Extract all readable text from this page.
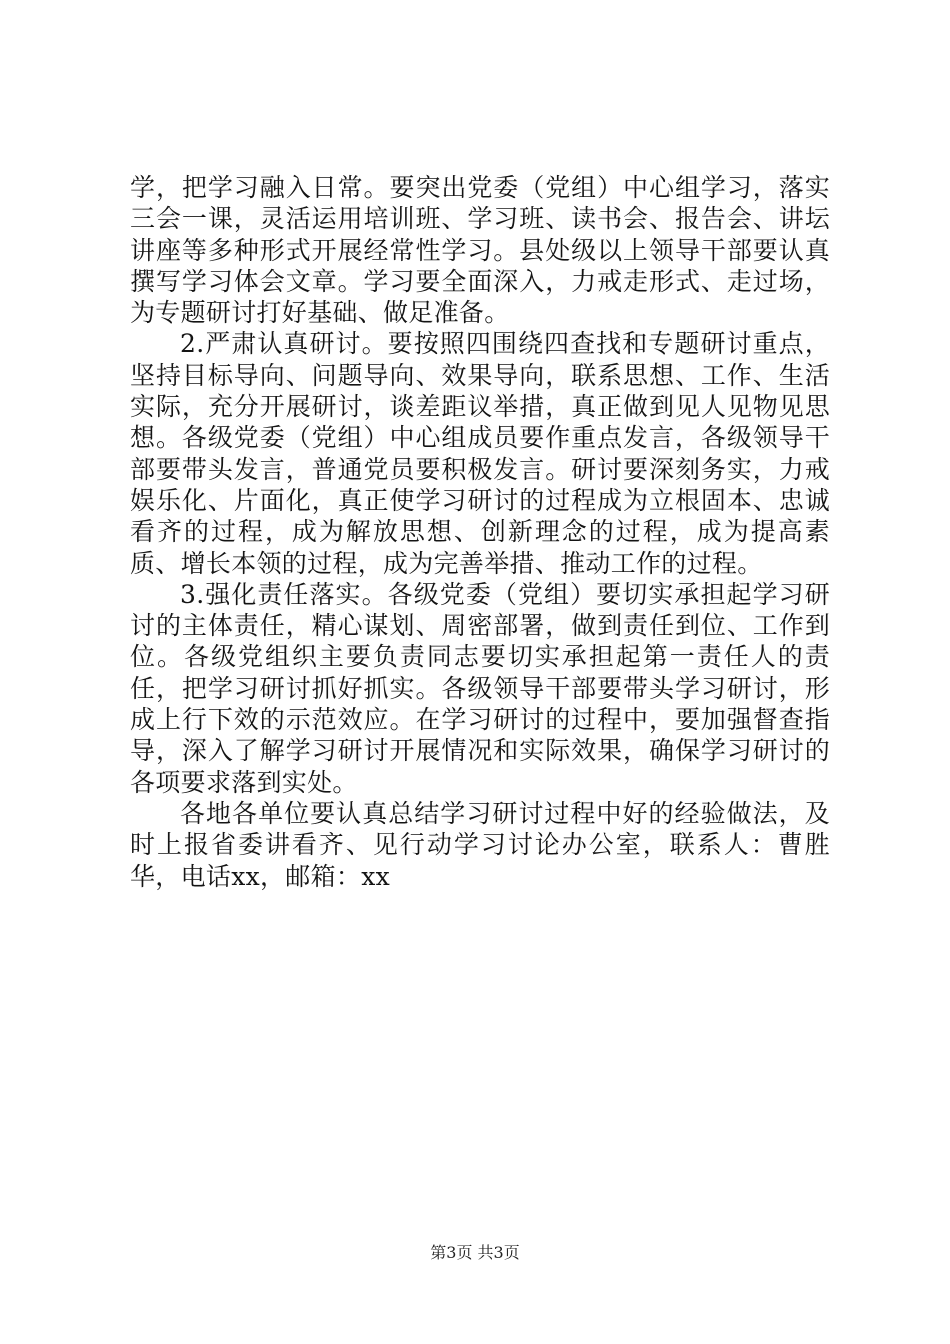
学，把学习融入日常。要突出党委（党组）中心组学习，落实三会一课，灵活运用培训班、学习班、读书会、报告会、讲坛讲座等多种形式开展经常性学习。县处级以上领导干部要认真撰写学习体会文章。学习要全面深入，力戒走形式、走过场，为专题研讨打好基础、做足准备。

2.严肃认真研讨。要按照四围绕四查找和专题研讨重点，坚持目标导向、问题导向、效果导向，联系思想、工作、生活实际，充分开展研讨，谈差距议举措，真正做到见人见物见思想。各级党委（党组）中心组成员要作重点发言，各级领导干部要带头发言，普通党员要积极发言。研讨要深刻务实，力戒娱乐化、片面化，真正使学习研讨的过程成为立根固本、忠诚看齐的过程，成为解放思想、创新理念的过程，成为提高素质、增长本领的过程，成为完善举措、推动工作的过程。

3.强化责任落实。各级党委（党组）要切实承担起学习研讨的主体责任，精心谋划、周密部署，做到责任到位、工作到位。各级党组织主要负责同志要切实承担起第一责任人的责任，把学习研讨抓好抓实。各级领导干部要带头学习研讨，形成上行下效的示范效应。在学习研讨的过程中，要加强督查指导，深入了解学习研讨开展情况和实际效果，确保学习研讨的各项要求落到实处。

各地各单位要认真总结学习研讨过程中好的经验做法，及时上报省委讲看齐、见行动学习讨论办公室，联系人：曹胜华，电话xx，邮箱：xx

第3页 共3页
